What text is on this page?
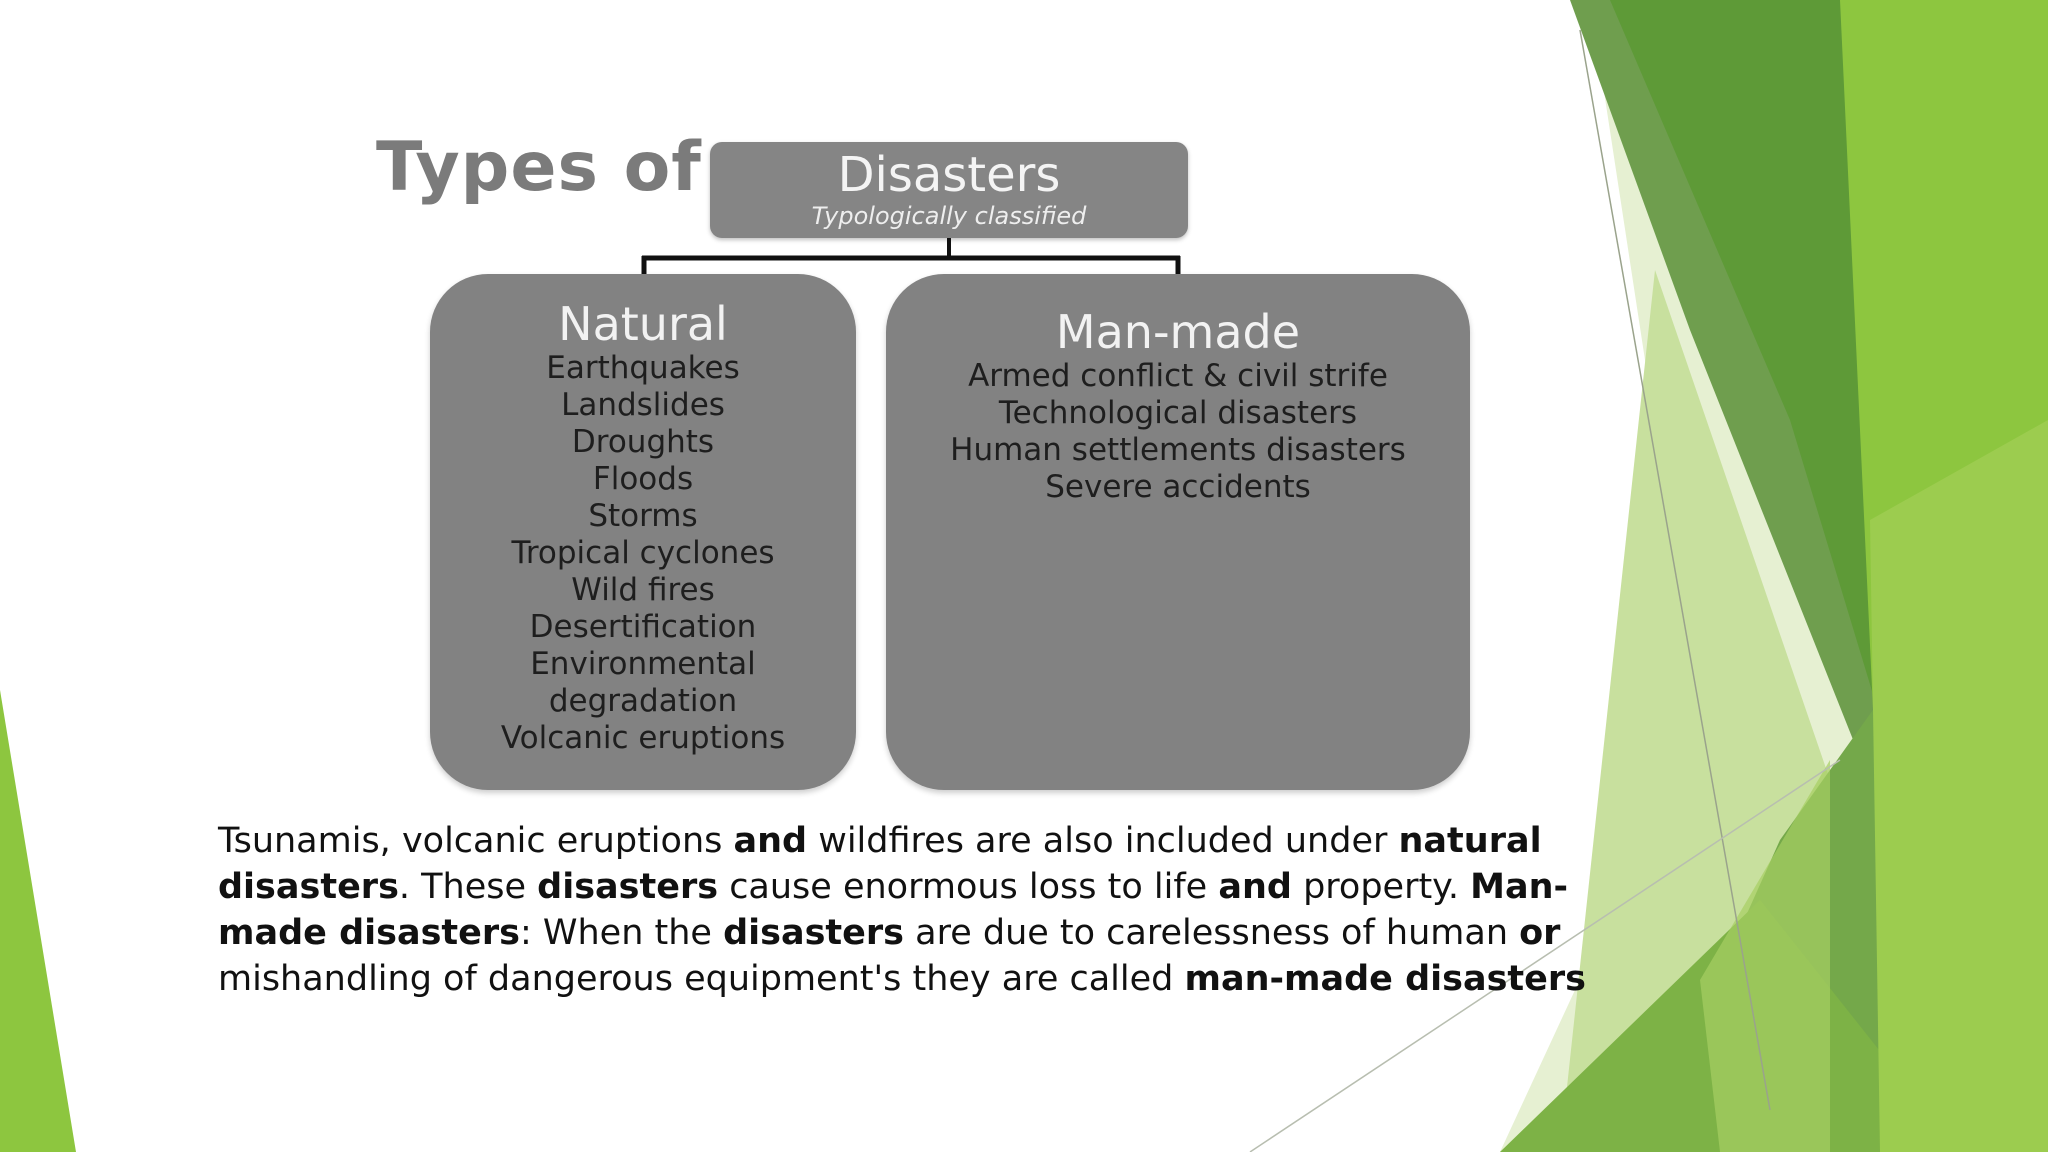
Types of	Disasters
Typologically classified
Natural
Earthquakes
Landslides
Droughts
Floods
Storms
Tropical cyclones
Wild fires
Desertification
Environmental
degradation
Volcanic eruptions
Man-made
Armed conflict & civil strife
Technological disasters
Human settlements disasters
Severe accidents

Tsunamis, volcanic eruptions and wildfires are also included under natural disasters. These disasters cause enormous loss to life and property. Man-made disasters: When the disasters are due to carelessness of human or mishandling of dangerous equipment's they are called man-made disasters
